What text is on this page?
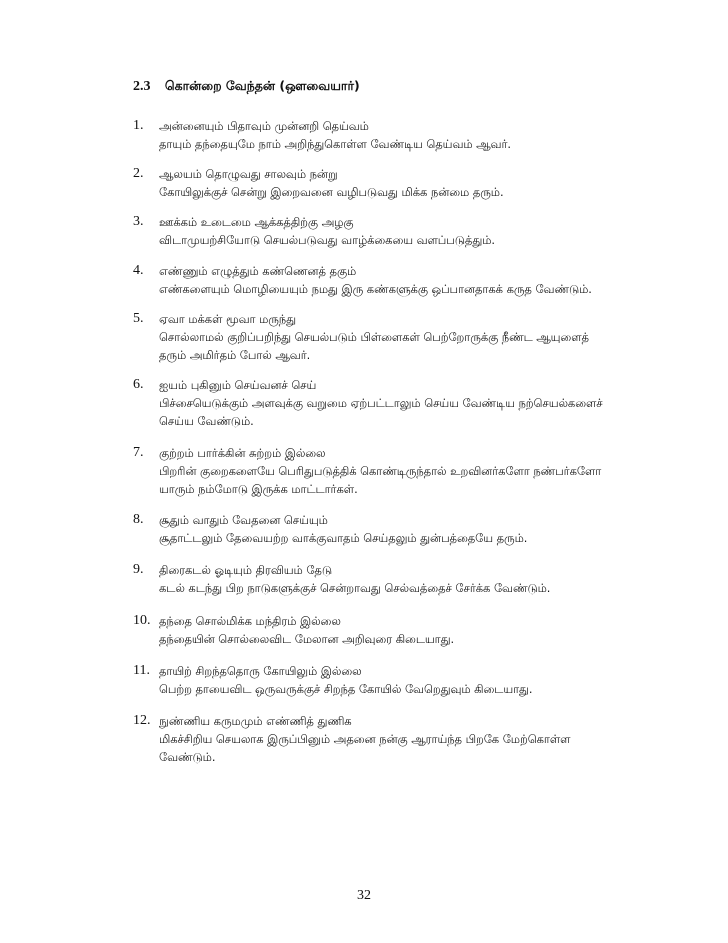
2.3 கொன்றை வேந்தன் (ஔவையார்)
1.	அன்னையும் பிதாவும் முன்னறி தெய்வம்
தாயும் தந்தையுமே நாம் அறிந்துகொள்ள வேண்டிய தெய்வம் ஆவர்.
2.	ஆலயம் தொழுவது சாலவும் நன்று
கோயிலுக்குச் சென்று இறைவனை வழிபடுவது மிக்க நன்மை தரும்.
3.	ஊக்கம் உடைமை ஆக்கத்திற்கு அழகு
விடாமுயற்சியோடு செயல்படுவது வாழ்க்கையை வளப்படுத்தும்.
4.	எண்ணும் எழுத்தும் கண்ணெனத் தகும்
எண்களையும் மொழியையும் நமது இரு கண்களுக்கு ஒப்பானதாகக் கருத வேண்டும்.
5.	ஏவா மக்கள் மூவா மருந்து
சொல்லாமல் குறிப்பறிந்து செயல்படும் பிள்ளைகள் பெற்றோருக்கு நீண்ட ஆயுளைத்
தரும் அமிர்தம் போல் ஆவர்.
6.	ஐயம் புகினும் செய்வனச் செய்
பிச்சையெடுக்கும் அளவுக்கு வறுமை ஏற்பட்டாலும் செய்ய வேண்டிய நற்செயல்களைச்
செய்ய வேண்டும்.
7.	குற்றம் பார்க்கின் சுற்றம் இல்லை
பிறரின் குறைகளையே பெரிதுபடுத்திக் கொண்டிருந்தால் உறவினர்களோ நண்பர்களோ
யாரும் நம்மோடு இருக்க மாட்டார்கள்.
8.	சூதும் வாதும் வேதனை செய்யும்
சூதாட்டலும் தேவையற்ற வாக்குவாதம் செய்தலும் துன்பத்தையே தரும்.
9.	திரைகடல் ஓடியும் திரவியம் தேடு
கடல் கடந்து பிற நாடுகளுக்குச் சென்றாவது செல்வத்தைச் சேர்க்க வேண்டும்.
10. தந்தை சொல்மிக்க மந்திரம் இல்லை
தந்தையின் சொல்லைவிட மேலான அறிவுரை கிடையாது.
11. தாயிற் சிறந்ததொரு கோயிலும் இல்லை
பெற்ற தாயைவிட ஒருவருக்குச் சிறந்த கோயில் வேறெதுவும் கிடையாது.
12. நுண்ணிய கருமமும் எண்ணித் துணிக
மிகச்சிறிய செயலாக இருப்பினும் அதனை நன்கு ஆராய்ந்த பிறகே மேற்கொள்ள
வேண்டும்.
32
